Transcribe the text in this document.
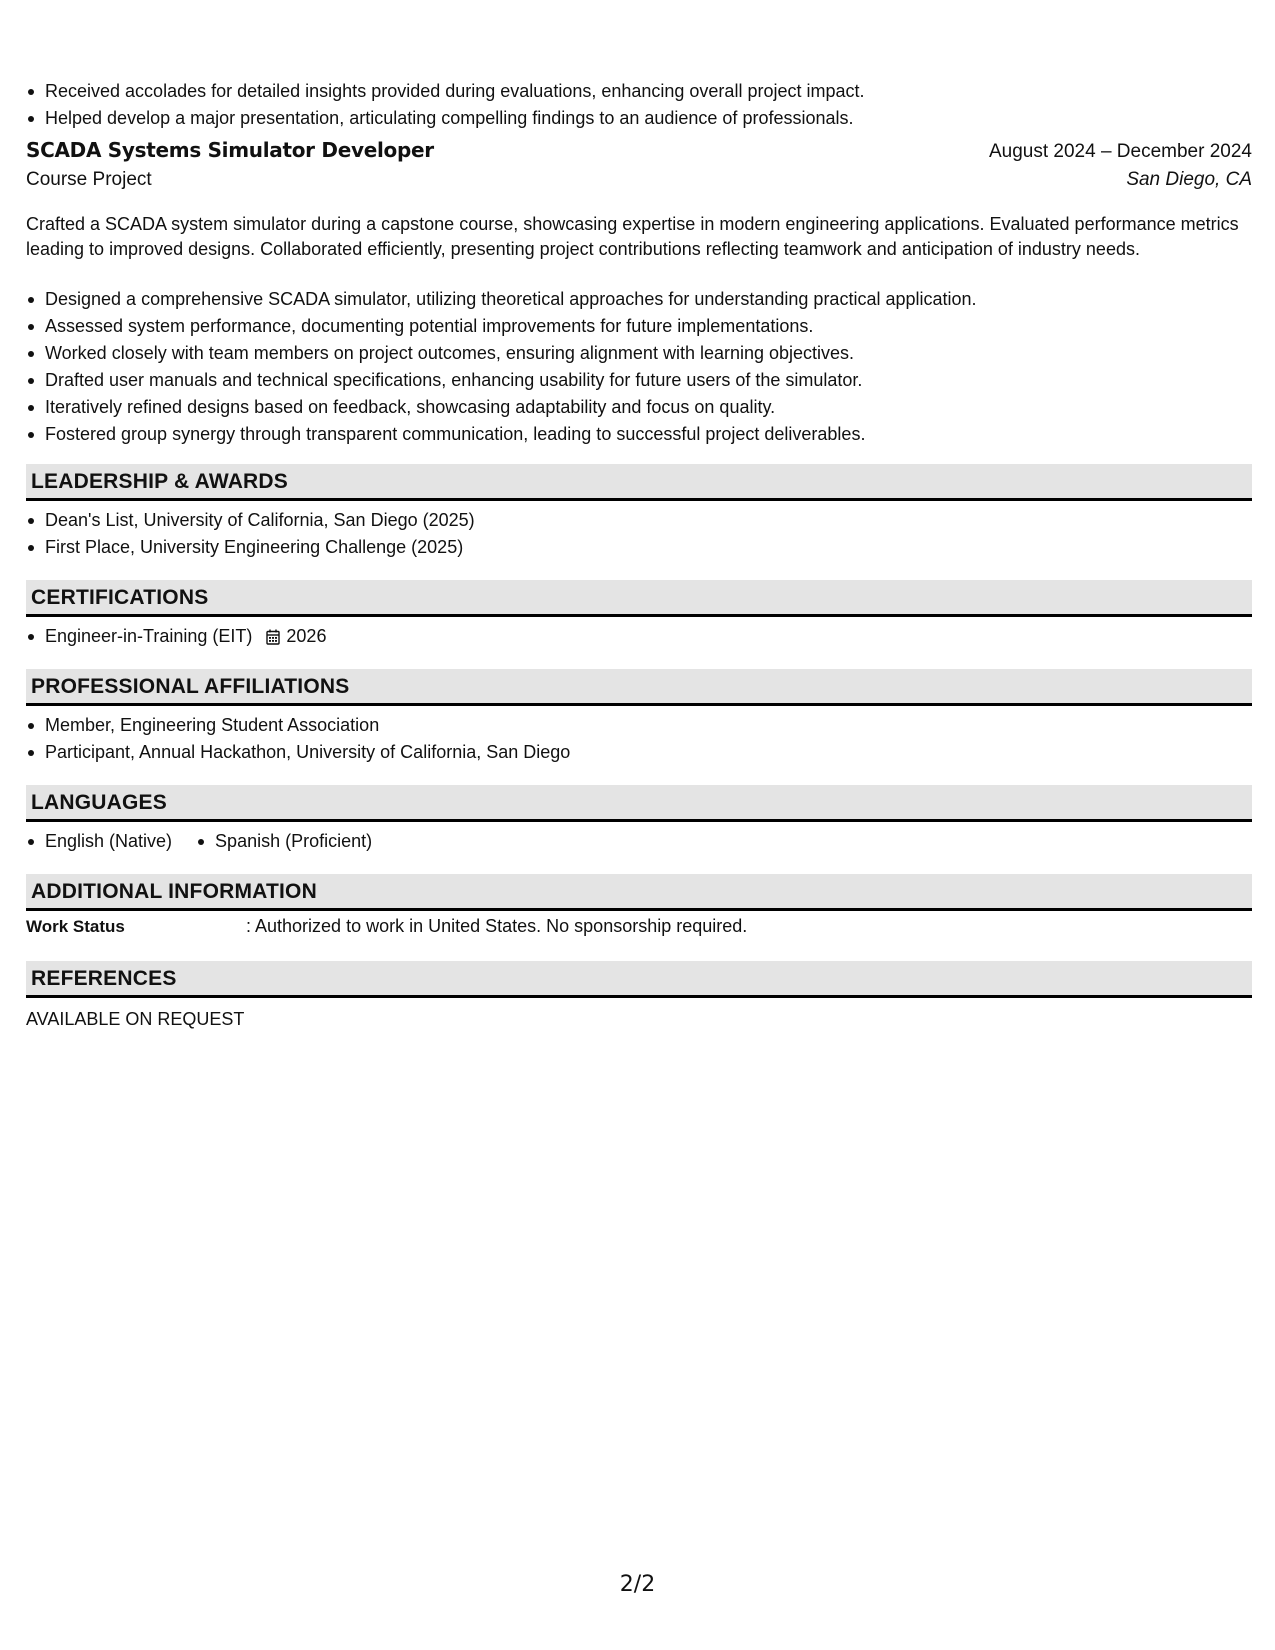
Received accolades for detailed insights provided during evaluations, enhancing overall project impact.
Helped develop a major presentation, articulating compelling findings to an audience of professionals.
SCADA Systems Simulator Developer	August 2024 – December 2024
Course Project	San Diego, CA
Crafted a SCADA system simulator during a capstone course, showcasing expertise in modern engineering applications. Evaluated performance metrics leading to improved designs. Collaborated efficiently, presenting project contributions reflecting teamwork and anticipation of industry needs.
Designed a comprehensive SCADA simulator, utilizing theoretical approaches for understanding practical application.
Assessed system performance, documenting potential improvements for future implementations.
Worked closely with team members on project outcomes, ensuring alignment with learning objectives.
Drafted user manuals and technical specifications, enhancing usability for future users of the simulator.
Iteratively refined designs based on feedback, showcasing adaptability and focus on quality.
Fostered group synergy through transparent communication, leading to successful project deliverables.
LEADERSHIP & AWARDS
Dean's List, University of California, San Diego (2025)
First Place, University Engineering Challenge (2025)
CERTIFICATIONS
Engineer-in-Training (EIT) 2026
PROFESSIONAL AFFILIATIONS
Member, Engineering Student Association
Participant, Annual Hackathon, University of California, San Diego
LANGUAGES
English (Native)	Spanish (Proficient)
ADDITIONAL INFORMATION
Work Status	: Authorized to work in United States. No sponsorship required.
REFERENCES
AVAILABLE ON REQUEST
2/2
